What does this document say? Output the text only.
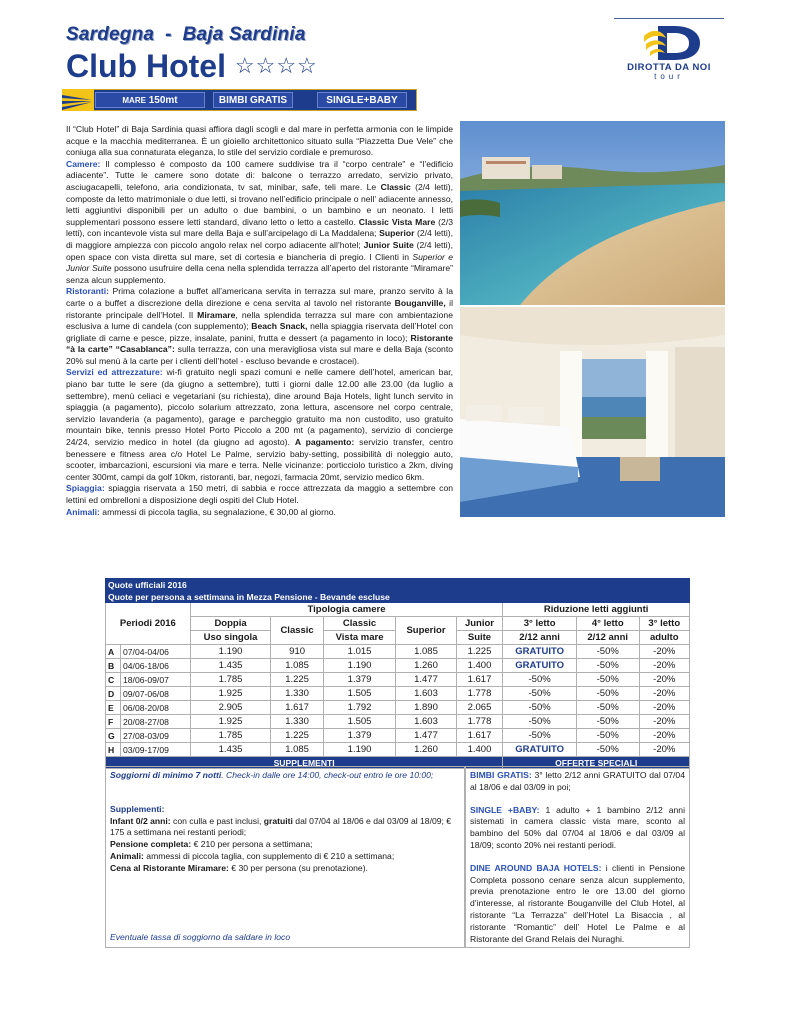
Sardegna  -  Baja Sardinia
Club Hotel ☆☆☆☆	DIROTTA DA NOI
tour
MARE 150mt	BIMBI GRATIS	SINGLE+BABY

Il “Club Hotel” di Baja Sardinia quasi affiora dagli scogli e dal mare in perfetta armonia con le limpide acque e la macchia mediterranea. È un gioiello architettonico situato sulla “Piazzetta Due Vele” che coniuga alla sua connaturata eleganza, lo stile del servizio cordiale e premuroso.

Camere: Il complesso è composto da 100 camere suddivise tra il “corpo centrale” e “l’edificio adiacente”. Tutte le camere sono dotate di: balcone o terrazzo arredato, servizio privato, asciugacapelli, telefono, aria condizionata, tv sat, minibar, safe, teli mare. Le Classic (2/4 letti), composte da letto matrimoniale o due letti, si trovano nell’edificio principale o nell’ adiacente annesso, letti aggiuntivi disponibili per un adulto o due bambini, o un bambino e un neonato. I letti supplementari possono essere letti standard, divano letto o letto a castello. Classic Vista Mare (2/3 letti), con incantevole vista sul mare della Baja e sull’arcipelago di La Maddalena; Superior (2/4 letti), di maggiore ampiezza con piccolo angolo relax nel corpo adiacente all’hotel; Junior Suite (2/4 letti), open space con vista diretta sul mare, set di cortesia e biancheria di pregio. I Clienti in Superior e Junior Suite possono usufruire della cena nella splendida terrazza all’aperto del ristorante “Miramare” senza alcun supplemento.

Ristoranti: Prima colazione a buffet all’americana servita in terrazza sul mare, pranzo servito à la carte o a buffet a discrezione della direzione e cena servita al tavolo nel ristorante Bouganville, il ristorante principale dell’Hotel. Il Miramare, nella splendida terrazza sul mare con ambientazione esclusiva a lume di candela (con supplemento); Beach Snack, nella spiaggia riservata dell’Hotel con grigliate di carne e pesce, pizze, insalate, panini, frutta e dessert (a pagamento in loco); Ristorante “à la carte” “Casablanca”: sulla terrazza, con una meravigliosa vista sul mare e della Baja (sconto 20% sul menù à la carte per i clienti dell’hotel - escluso bevande e crostacei).

Servizi ed attrezzature: wi-fi gratuito negli spazi comuni e nelle camere dell’hotel, american bar, piano bar tutte le sere (da giugno a settembre), tutti i giorni dalle 12.00 alle 23.00 (da luglio a settembre), menù celiaci e vegetariani (su richiesta), dine around Baja Hotels, light lunch servito in spiaggia (a pagamento), piccolo solarium attrezzato, zona lettura, ascensore nel corpo centrale, servizio lavanderia (a pagamento), garage e parcheggio gratuito ma non custodito, uso gratuito mountain bike, tennis presso Hotel Porto Piccolo a 200 mt (a pagamento), servizio di concierge 24/24, servizio medico in hotel (da giugno ad agosto). A pagamento: servizio transfer, centro benessere e fitness area c/o Hotel Le Palme, servizio baby-setting, possibilità di noleggio auto, scooter, imbarcazioni, escursioni via mare e terra. Nelle vicinanze: porticciolo turistico a 2km, diving center 300mt, campi da golf 10km, ristoranti, bar, negozi, farmacia 20mt, servizio medico 6km.

Spiaggia: spiaggia riservata a 150 metri, di sabbia e rocce attrezzata da maggio a settembre con lettini ed ombrelloni a disposizione degli ospiti del Club Hotel.

Animali: ammessi di piccola taglia, su segnalazione, € 30,00 al giorno.

Quote ufficiali 2016									
Quote per persona a settimana in Mezza Pensione - Bevande escluse									
Periodi 2016		Tipologia camere					Riduzione letti aggiunti		
		Doppia	Classic	Classic	Superior	Junior	3° letto	4° letto	3° letto
		Uso singola		Vista mare		Suite	2/12 anni	2/12 anni	adulto
A	07/04-04/06	1.190	910	1.015	1.085	1.225	GRATUITO	-50%	-20%
B	04/06-18/06	1.435	1.085	1.190	1.260	1.400	GRATUITO	-50%	-20%
C	18/06-09/07	1.785	1.225	1.379	1.477	1.617	-50%	-50%	-20%
D	09/07-06/08	1.925	1.330	1.505	1.603	1.778	-50%	-50%	-20%
E	06/08-20/08	2.905	1.617	1.792	1.890	2.065	-50%	-50%	-20%
F	20/08-27/08	1.925	1.330	1.505	1.603	1.778	-50%	-50%	-20%
G	27/08-03/09	1.785	1.225	1.379	1.477	1.617	-50%	-50%	-20%
H	03/09-17/09	1.435	1.085	1.190	1.260	1.400	GRATUITO	-50%	-20%
SUPPLEMENTI							OFFERTE SPECIALI		
Soggiorni di minimo 7 notti. Check-in dalle ore 14:00, check-out entro le ore 10:00;
Supplementi:
Infant 0/2 anni: con culla e past inclusi, gratuiti dal 07/04 al 18/06 e dal 03/09 al 18/09; € 175 a settimana nei restanti periodi;
Pensione completa: € 210 per persona a settimana;
Animali: ammessi di piccola taglia, con supplemento di € 210 a settimana;
Cena al Ristorante Miramare: € 30 per persona (su prenotazione).
Eventuale tassa di soggiorno da saldare in loco
BIMBI GRATIS: 3° letto 2/12 anni GRATUITO dal 07/04 al 18/06 e dal 03/09 in poi;
SINGLE +BABY: 1 adulto + 1 bambino 2/12 anni sistemati in camera classic vista mare, sconto al bambino del 50% dal 07/04 al 18/06 e dal 03/09 al 18/09; sconto 20% nei restanti periodi.
DINE AROUND BAJA HOTELS: i clienti in Pensione Completa possono cenare senza alcun supplemento, previa prenotazione entro le ore 13.00 del giorno d’interesse, al ristorante Bouganville del Club Hotel, al ristorante “La Terrazza” dell’Hotel La Bisaccia , al ristorante “Romantic” dell’ Hotel Le Palme e al Ristorante del Grand Relais dei Nuraghi.
